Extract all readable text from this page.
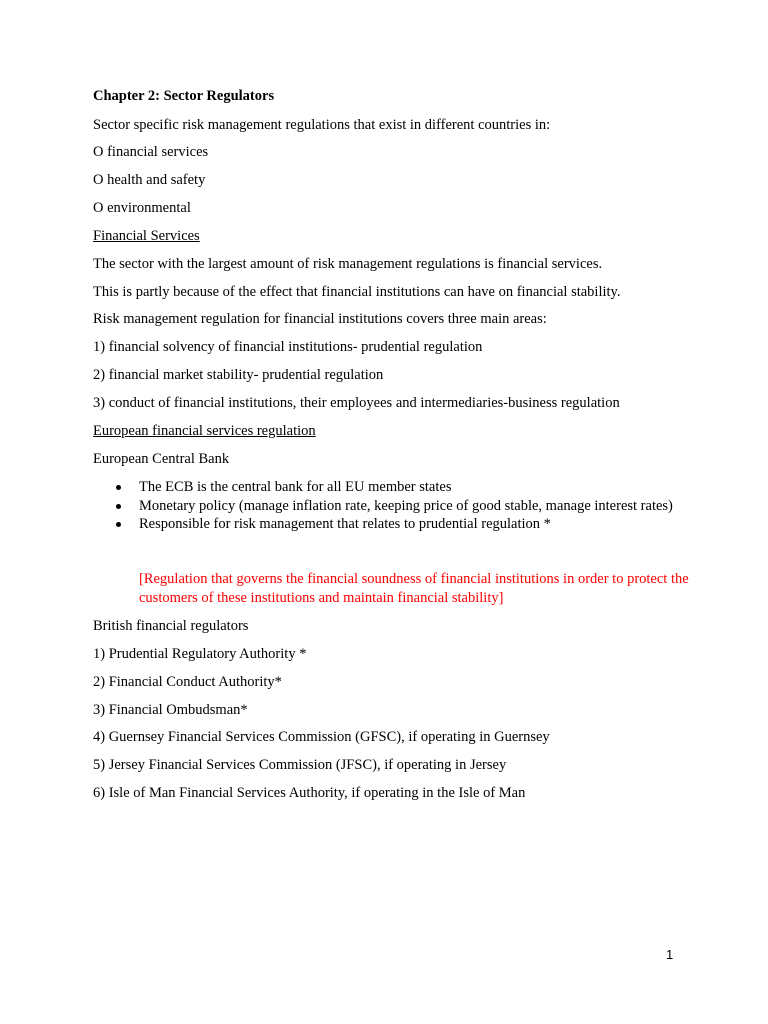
Chapter 2: Sector Regulators
Sector specific risk management regulations that exist in different countries in:
O financial services
O health and safety
O environmental
Financial Services
The sector with the largest amount of risk management regulations is financial services.
This is partly because of the effect that financial institutions can have on financial stability.
Risk management regulation for financial institutions covers three main areas:
1) financial solvency of financial institutions- prudential regulation
2) financial market stability- prudential regulation
3) conduct of financial institutions, their employees and intermediaries-business regulation
European financial services regulation
European Central Bank
The ECB is the central bank for all EU member states
Monetary policy (manage inflation rate, keeping price of good stable, manage interest rates)
Responsible for risk management that relates to prudential regulation *
[Regulation that governs the financial soundness of financial institutions in order to protect the customers of these institutions and maintain financial stability]
British financial regulators
1) Prudential Regulatory Authority *
2) Financial Conduct Authority*
3) Financial Ombudsman*
4) Guernsey Financial Services Commission (GFSC), if operating in Guernsey
5) Jersey Financial Services Commission (JFSC), if operating in Jersey
6) Isle of Man Financial Services Authority, if operating in the Isle of Man
1
